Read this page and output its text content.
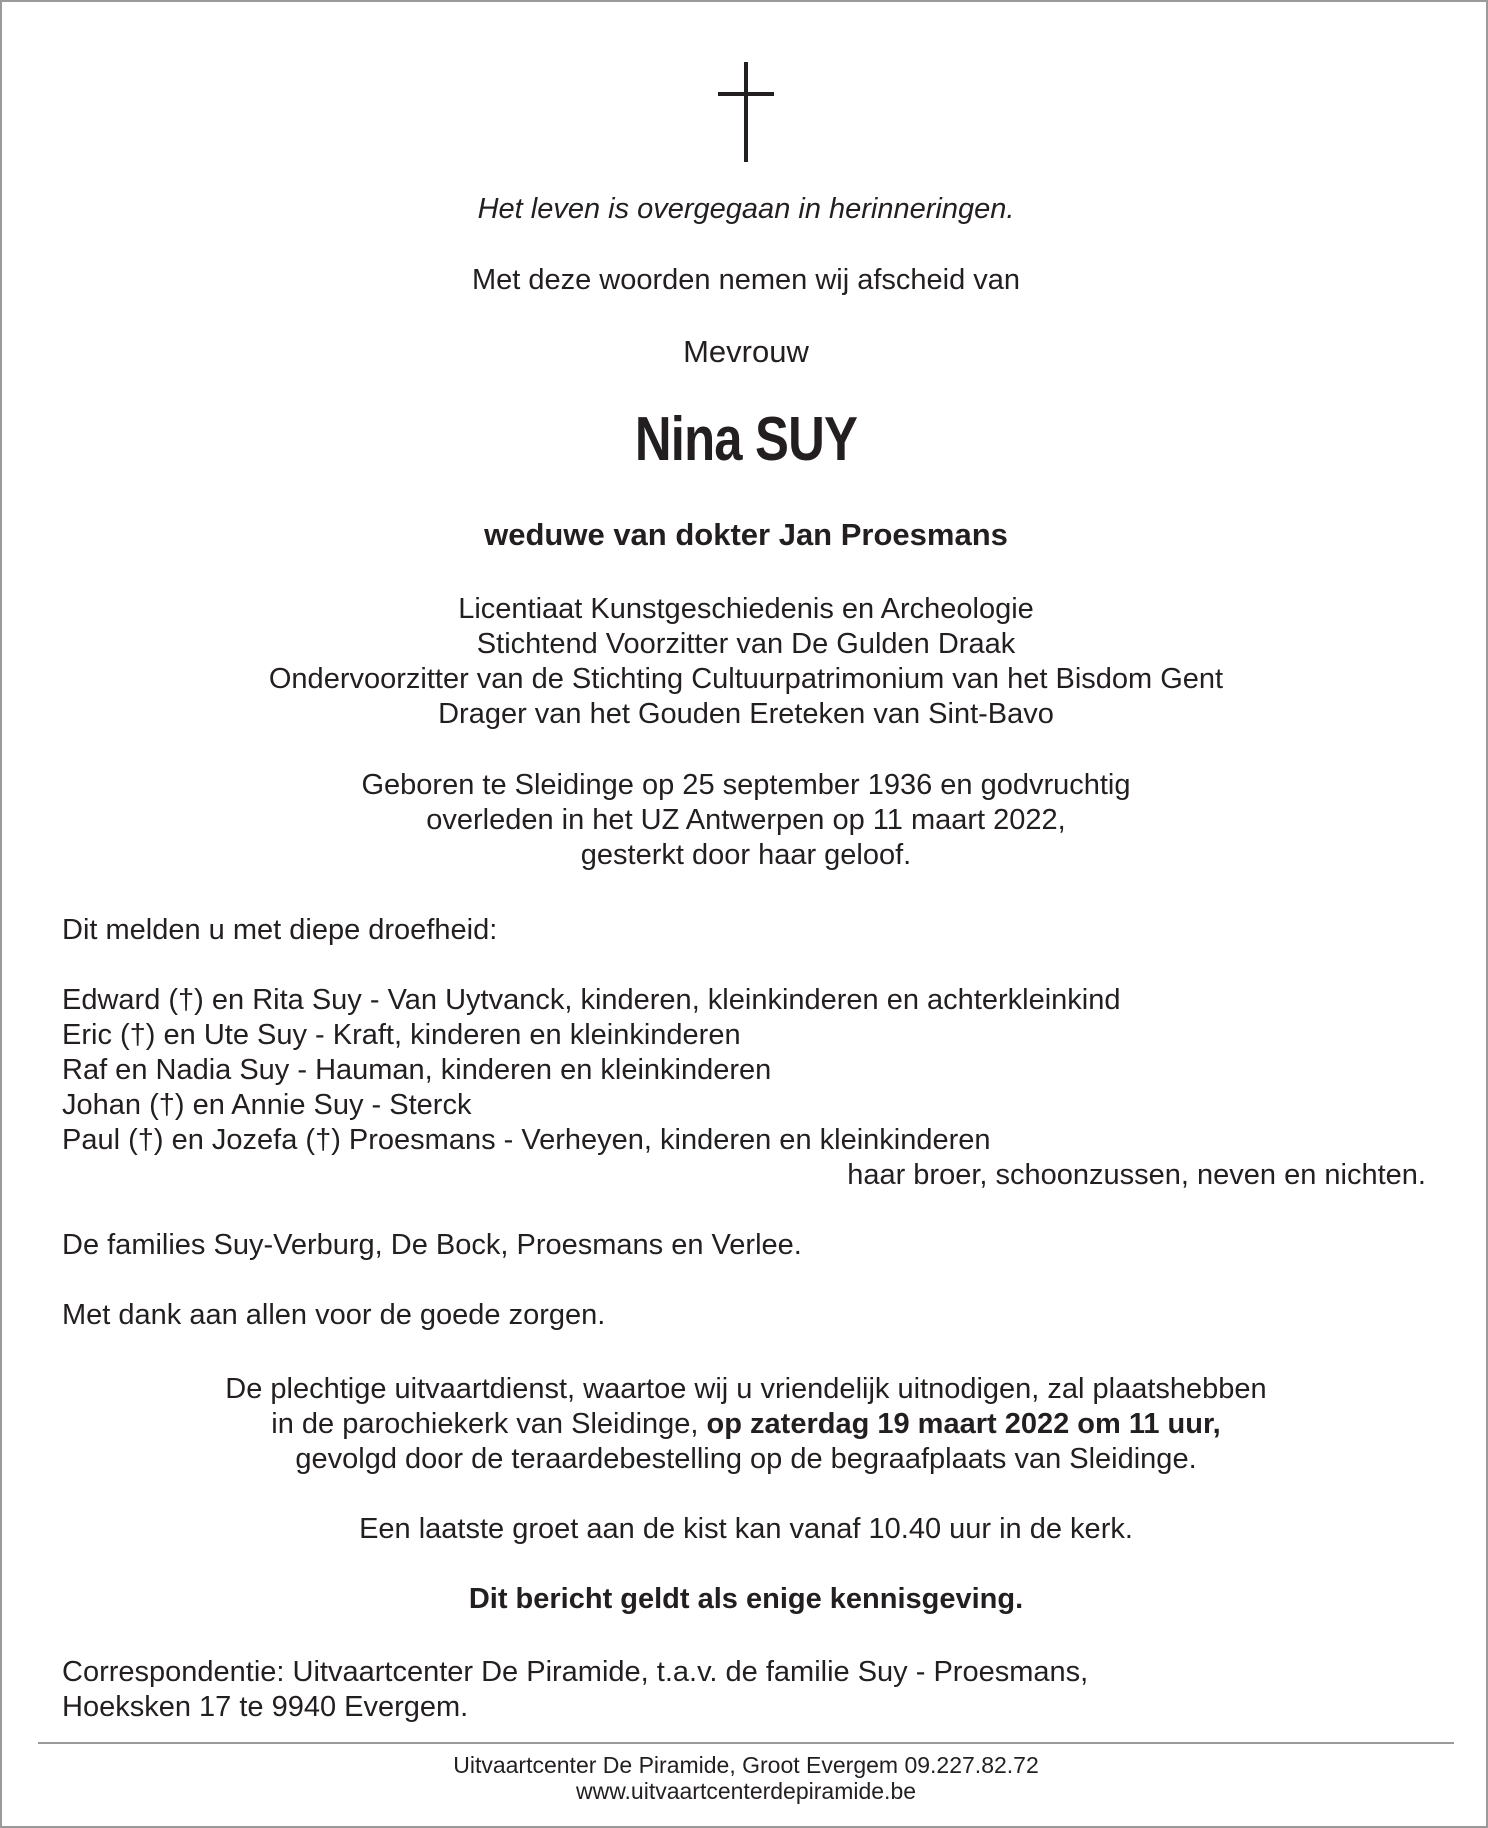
Het leven is overgegaan in herinneringen.
Met deze woorden nemen wij afscheid van
Mevrouw
Nina SUY
weduwe van dokter Jan Proesmans
Licentiaat Kunstgeschiedenis en Archeologie
Stichtend Voorzitter van De Gulden Draak
Ondervoorzitter van de Stichting Cultuurpatrimonium van het Bisdom Gent
Drager van het Gouden Ereteken van Sint-Bavo
Geboren te Sleidinge op 25 september 1936 en godvruchtig
overleden in het UZ Antwerpen op 11 maart 2022,
gesterkt door haar geloof.
Dit melden u met diepe droefheid:
Edward (†) en Rita Suy - Van Uytvanck, kinderen, kleinkinderen en achterkleinkind
Eric (†) en Ute Suy - Kraft, kinderen en kleinkinderen
Raf en Nadia Suy - Hauman, kinderen en kleinkinderen
Johan (†) en Annie Suy - Sterck
Paul (†) en Jozefa (†) Proesmans - Verheyen, kinderen en kleinkinderen
haar broer, schoonzussen, neven en nichten.
De families Suy-Verburg, De Bock, Proesmans en Verlee.
Met dank aan allen voor de goede zorgen.
De plechtige uitvaartdienst, waartoe wij u vriendelijk uitnodigen, zal plaatshebben
in de parochiekerk van Sleidinge, op zaterdag 19 maart 2022 om 11 uur,
gevolgd door de teraardebestelling op de begraafplaats van Sleidinge.
Een laatste groet aan de kist kan vanaf 10.40 uur in de kerk.
Dit bericht geldt als enige kennisgeving.
Correspondentie: Uitvaartcenter De Piramide, t.a.v. de familie Suy - Proesmans,
Hoeksken 17 te 9940 Evergem.
Uitvaartcenter De Piramide, Groot Evergem 09.227.82.72
www.uitvaartcenterdepiramide.be
